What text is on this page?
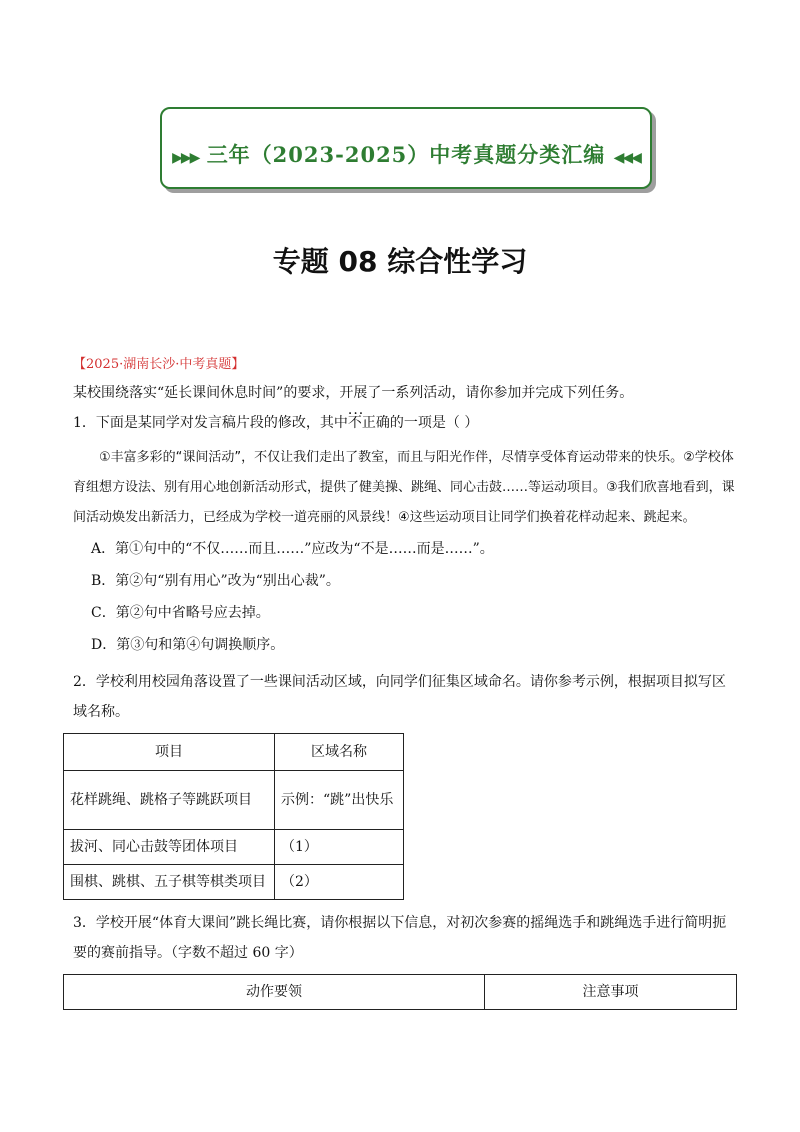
▶▶▶ 三年（2023-2025）中考真题分类汇编 ◀◀◀
专题 08 综合性学习
【2025·湖南长沙·中考真题】

某校围绕落实“延长课间休息时间”的要求，开展了一系列活动，请你参加并完成下列任务。

1．下面是某同学对发言稿片段的修改，其中··· 不正确的一项是（ ）

①丰富多彩的“课间活动”，不仅让我们走出了教室，而且与阳光作伴，尽情享受体育运动带来的快乐。②学校体育组想方设法、别有用心地创新活动形式，提供了健美操、跳绳、同心击鼓……等运动项目。③我们欣喜地看到，课间活动焕发出新活力，已经成为学校一道亮丽的风景线！④这些运动项目让同学们换着花样动起来、跳起来。

A．第①句中的“不仅……而且……”应改为“不是……而是……”。

B．第②句“别有用心”改为“别出心裁”。

C．第②句中省略号应去掉。

D．第③句和第④句调换顺序。

2．学校利用校园角落设置了一些课间活动区域，向同学们征集区域命名。请你参考示例，根据项目拟写区域名称。

项目	区域名称
花样跳绳、跳格子等跳跃项目	示例：“跳”出快乐
拔河、同心击鼓等团体项目	（1）
围棋、跳棋、五子棋等棋类项目	（2）

3．学校开展“体育大课间”跳长绳比赛，请你根据以下信息，对初次参赛的摇绳选手和跳绳选手进行简明扼要的赛前指导。（字数不超过 60 字）

动作要领	注意事项
